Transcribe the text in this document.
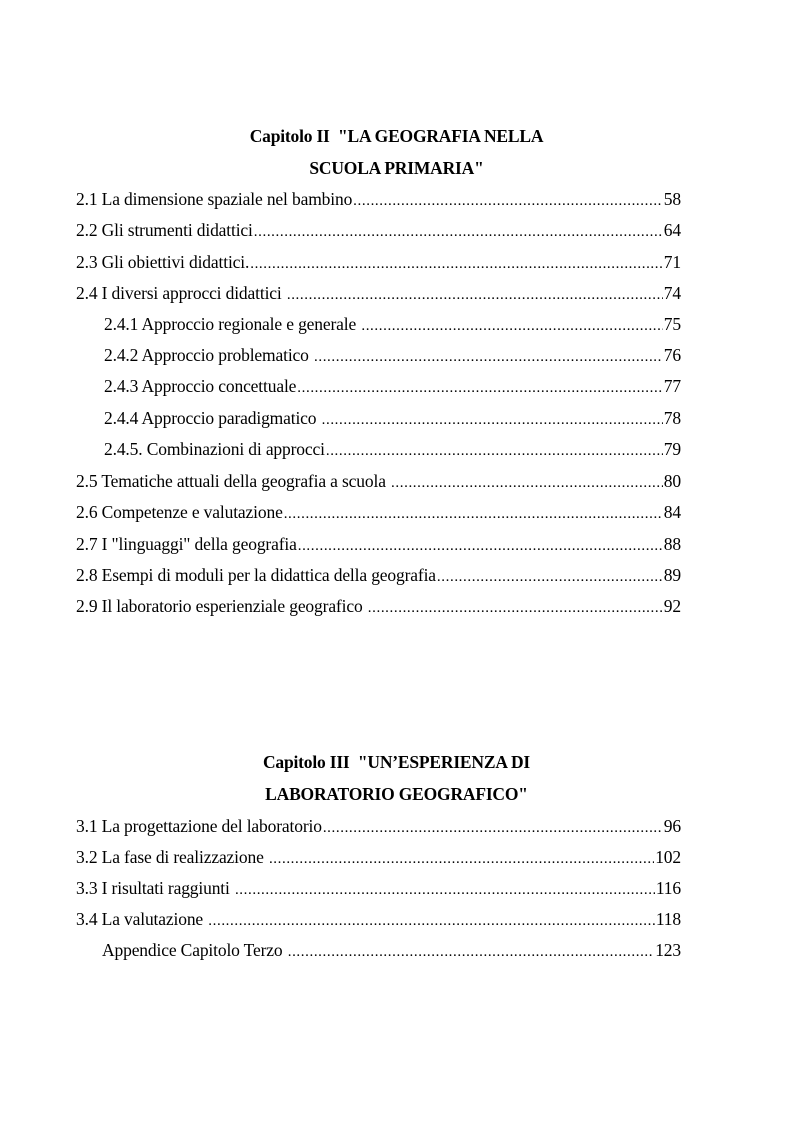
Capitolo II  "LA GEOGRAFIA NELLA
SCUOLA PRIMARIA"
2.1 La dimensione spaziale nel bambino .....	58
2.2 Gli strumenti didattici .....	64
2.3 Gli obiettivi didattici. .....	71
2.4 I diversi approcci didattici .....	74
2.4.1 Approccio regionale e generale .....	75
2.4.2 Approccio problematico .....	76
2.4.3 Approccio concettuale .....	77
2.4.4 Approccio paradigmatico .....	78
2.4.5. Combinazioni di approcci .....	79
2.5 Tematiche attuali della geografia a scuola .....	80
2.6 Competenze e valutazione .....	84
2.7 I "linguaggi" della geografia .....	88
2.8 Esempi di moduli per la didattica della geografia .....	89
2.9 Il laboratorio esperienziale geografico .....	92
Capitolo III  "UN’ESPERIENZA DI
LABORATORIO GEOGRAFICO"
3.1 La progettazione del laboratorio .....	96
3.2 La fase di realizzazione .....	102
3.3 I risultati raggiunti .....	116
3.4 La valutazione .....	118
Appendice Capitolo Terzo .....	123
